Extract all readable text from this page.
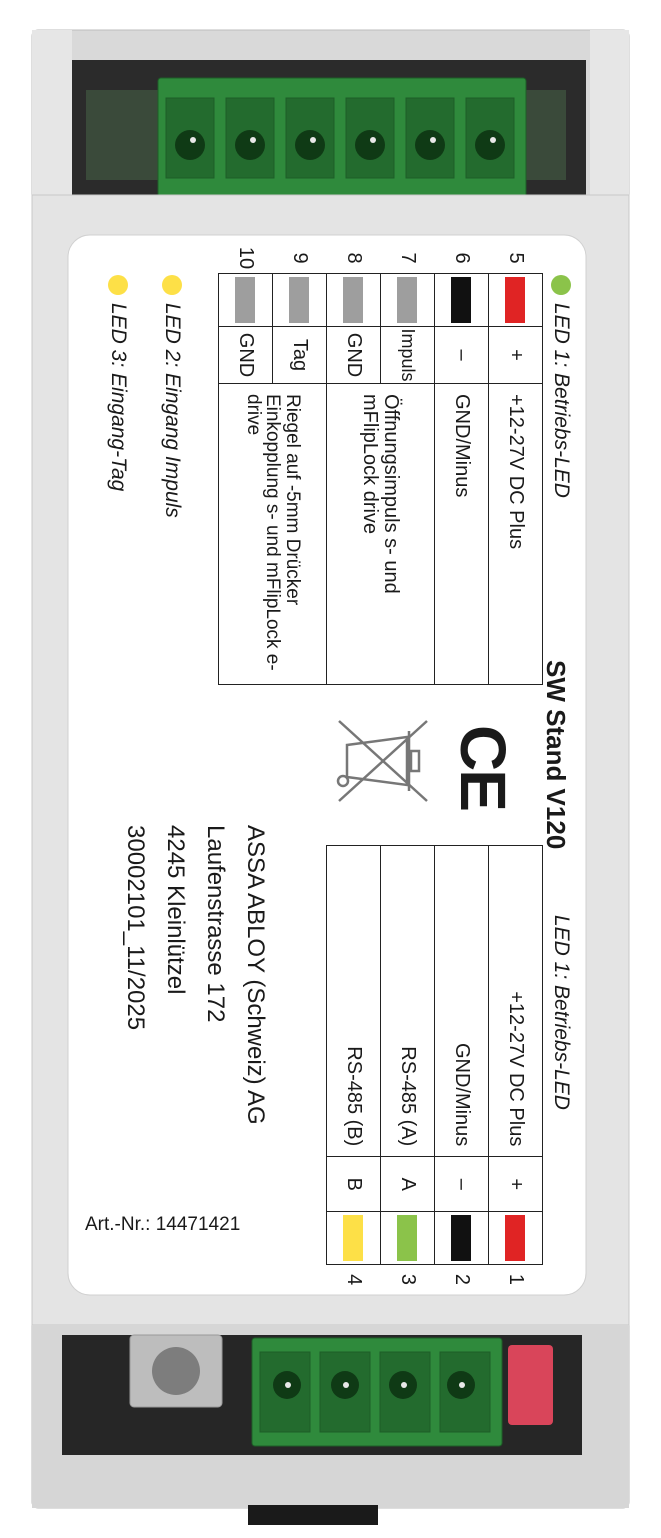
LED 1: Betriebs-LED
LED 2: Eingang Impuls
LED 3: Eingang-Tag
5		+	+12-27V DC Plus
6		–	GND/Minus
7		Impuls	Öffnungsimpuls s- und mFlipLock drive
8		GND	
9		Tag	Riegel auf -5mm Drücker Einkopplung s- und mFlipLock e-drive
10		GND	
SW Stand V120
CE
+12-27V DC Plus	+		1
GND/Minus	–		2
RS-485 (A)	A		3
RS-485 (B)	B		4
LED 1: Betriebs-LED
ASSA ABLOY (Schweiz) AG
Laufenstrasse 172
4245 Kleinlützel
30002101_11/2025
Art.-Nr.: 14471421
